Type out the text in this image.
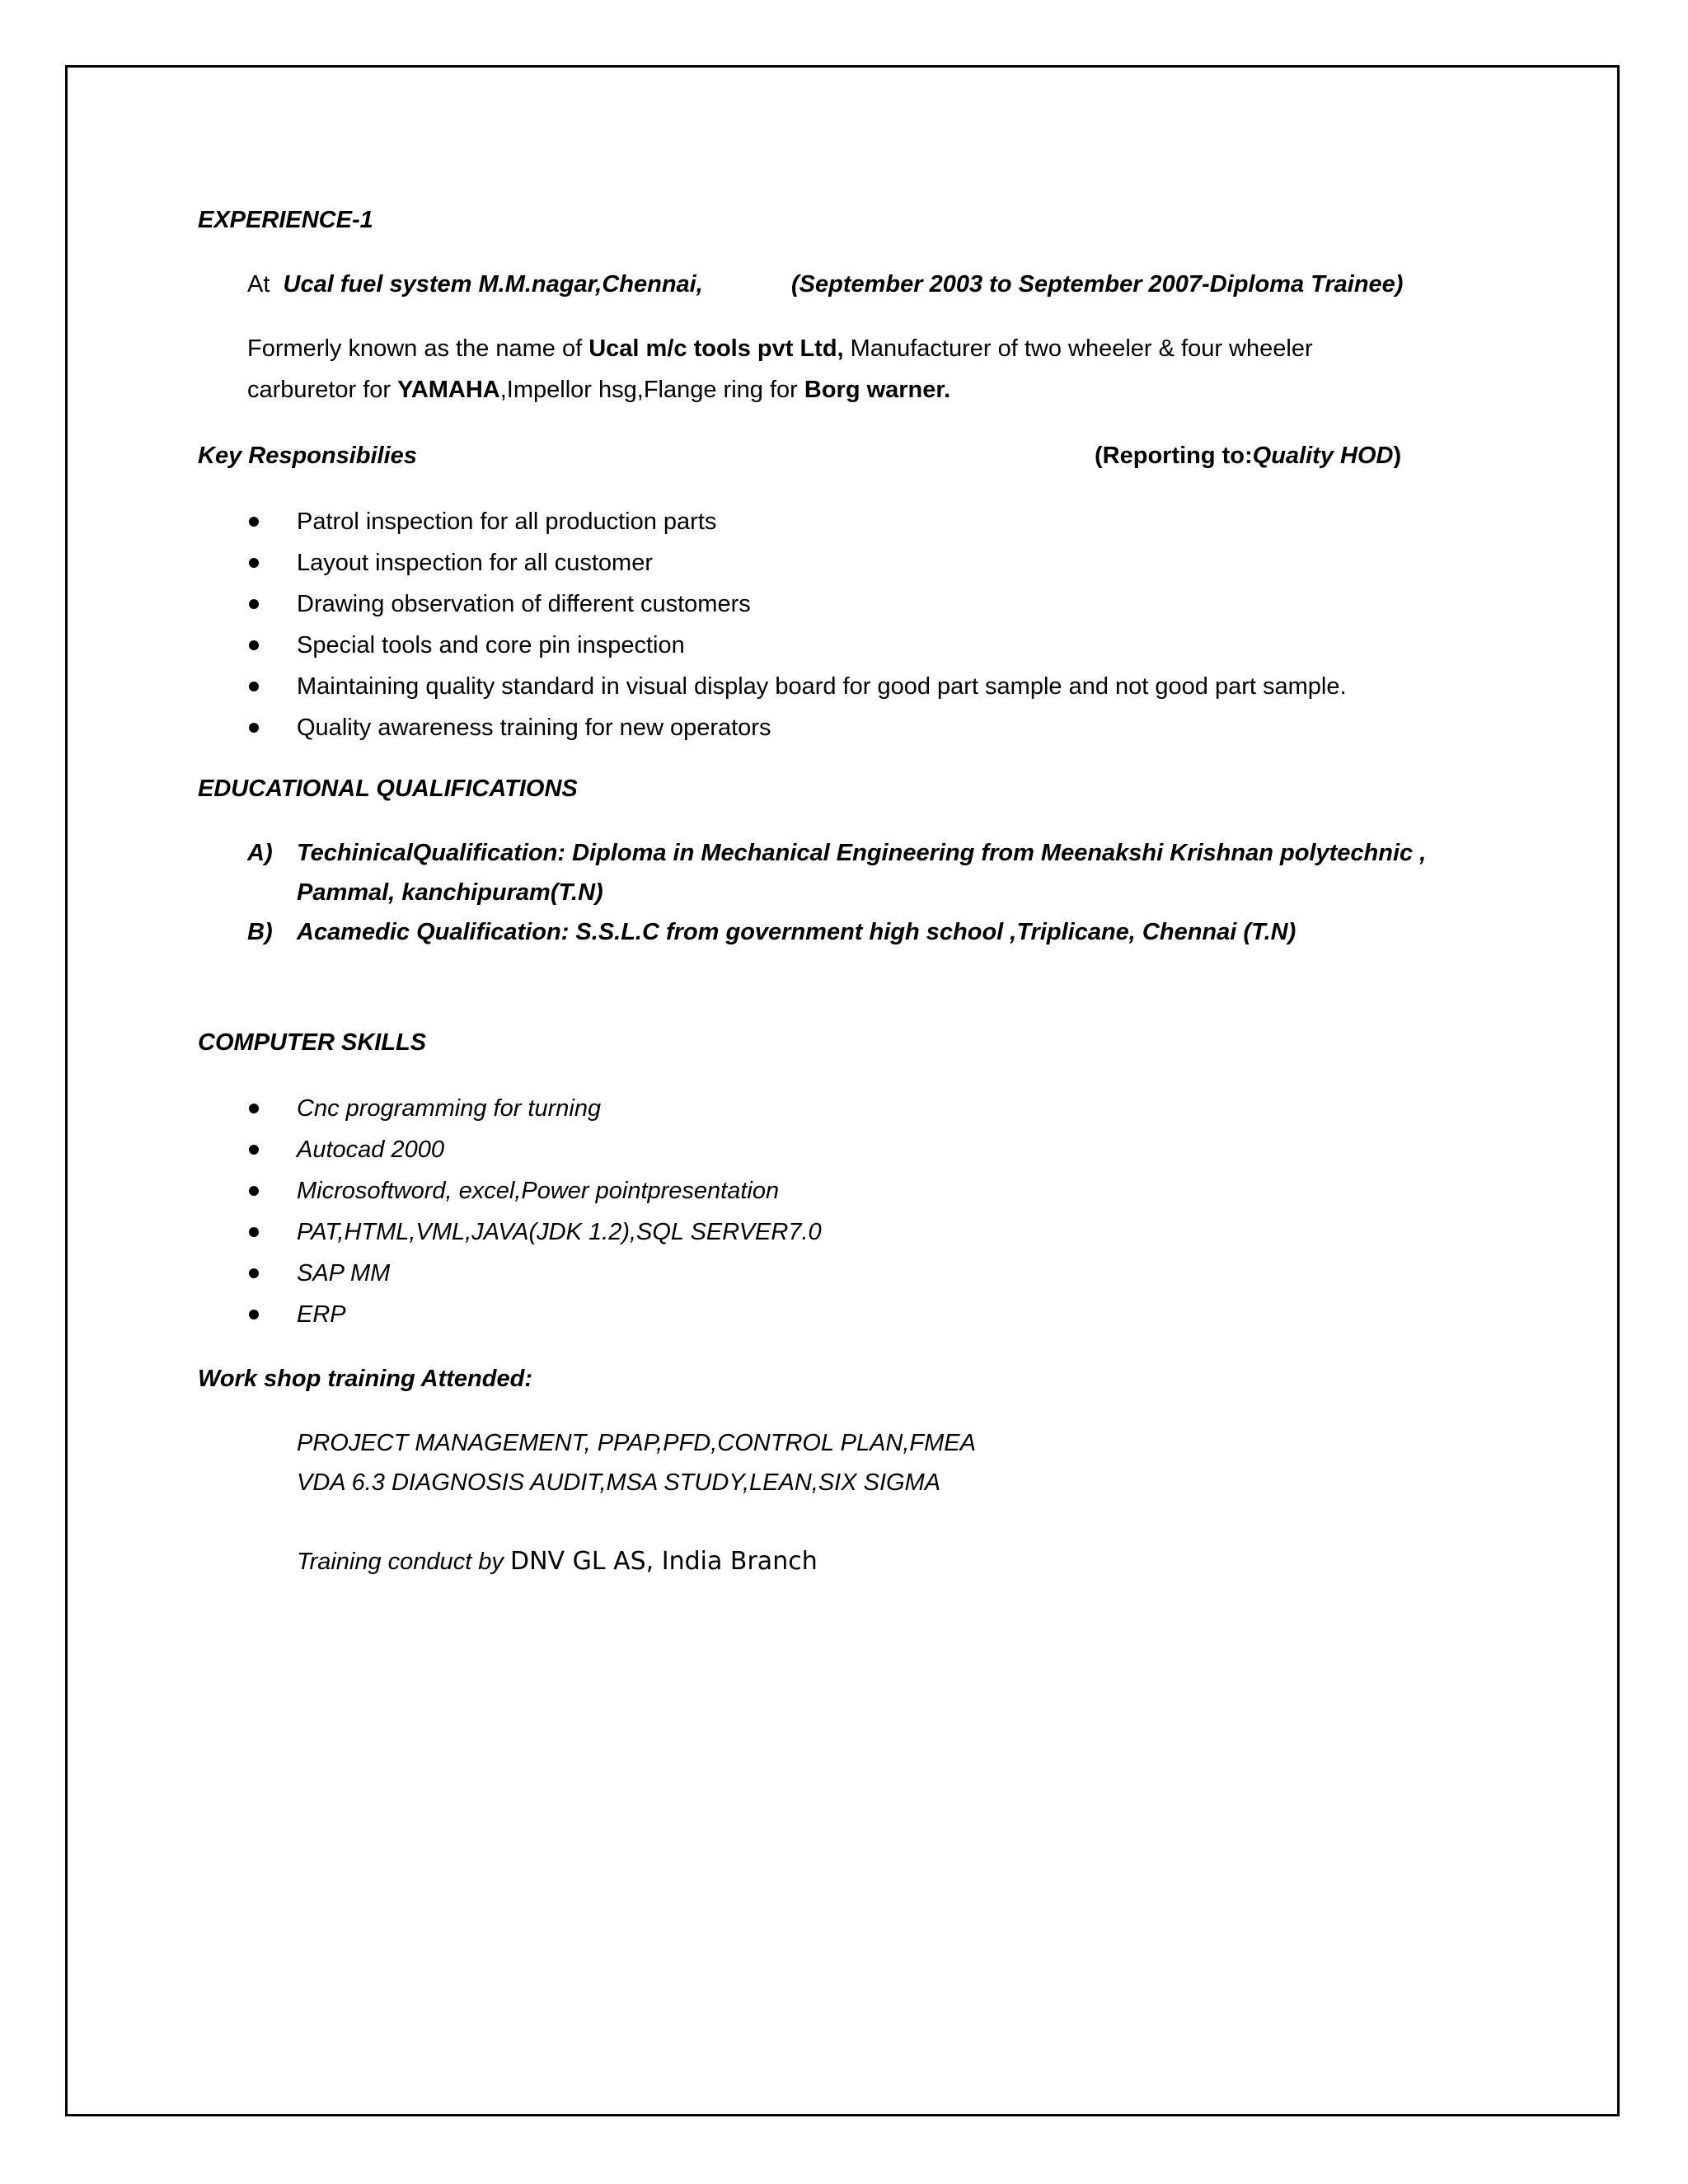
EXPERIENCE-1
At Ucal fuel system M.M.nagar,Chennai,	(September 2003 to September 2007-Diploma Trainee)
Formerly known as the name of Ucal m/c tools pvt Ltd, Manufacturer of two wheeler & four wheeler
carburetor for YAMAHA,Impellor hsg,Flange ring for Borg warner.
Key Responsibilies	(Reporting to:Quality HOD)
Patrol inspection for all production parts
Layout inspection for all customer
Drawing observation of different customers
Special tools and core pin inspection
Maintaining quality standard in visual display board for good part sample and not good part sample.
Quality awareness training for new operators
EDUCATIONAL QUALIFICATIONS
A) TechinicalQualification: Diploma in Mechanical Engineering from Meenakshi Krishnan polytechnic ,
Pammal, kanchipuram(T.N)
B) Acamedic Qualification: S.S.L.C from government high school ,Triplicane, Chennai (T.N)
COMPUTER SKILLS
Cnc programming for turning
Autocad 2000
Microsoftword, excel,Power pointpresentation
PAT,HTML,VML,JAVA(JDK 1.2),SQL SERVER7.0
SAP MM
ERP
Work shop training Attended:
PROJECT MANAGEMENT, PPAP,PFD,CONTROL PLAN,FMEA
VDA 6.3 DIAGNOSIS AUDIT,MSA STUDY,LEAN,SIX SIGMA
Training conduct by DNV GL AS, India Branch
